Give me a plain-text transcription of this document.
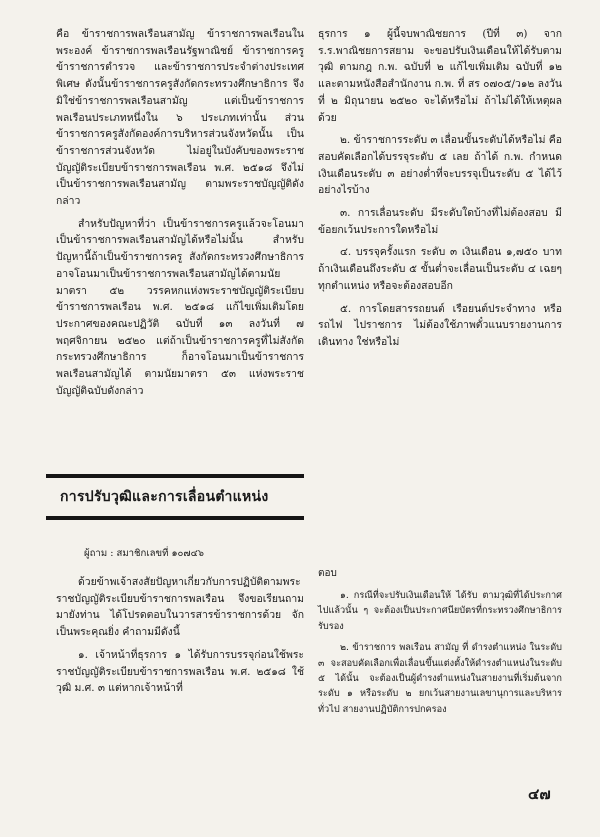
คือ ข้าราชการพลเรือนสามัญ ข้าราชการพลเรือนในพระองค์ ข้าราชการพลเรือนรัฐพาณิชย์ ข้าราชการครู ข้าราชการตำรวจ และข้าราชการประจำต่างประเทศพิเศษ ดังนั้นข้าราชการครูสังกัดกระทรวงศึกษาธิการ จึงมิใช่ข้าราชการพลเรือนสามัญ แต่เป็นข้าราชการพลเรือนประเภทหนึ่งใน ๖ ประเภทเท่านั้น ส่วนข้าราชการครูสังกัดองค์การบริหารส่วนจังหวัดนั้น เป็นข้าราชการส่วนจังหวัด ไม่อยู่ในบังคับของพระราชบัญญัติระเบียบข้าราชการพลเรือน พ.ศ. ๒๕๑๘ จึงไม่เป็นข้าราชการพลเรือนสามัญ ตามพระราชบัญญัติดังกล่าว

สำหรับปัญหาที่ว่า เป็นข้าราชการครูแล้วจะโอนมาเป็นข้าราชการพลเรือนสามัญได้หรือไม่นั้น สำหรับปัญหานี้ถ้าเป็นข้าราชการครู สังกัดกระทรวงศึกษาธิการ อาจโอนมาเป็นข้าราชการพลเรือนสามัญได้ตามนัยมาตรา ๕๒ วรรคหกแห่งพระราชบัญญัติระเบียบข้าราชการพลเรือน พ.ศ. ๒๕๑๘ แก้ไขเพิ่มเติมโดยประกาศของคณะปฏิวัติ ฉบับที่ ๑๓ ลงวันที่ ๗ พฤศจิกายน ๒๕๒๐ แต่ถ้าเป็นข้าราชการครูที่ไม่สังกัดกระทรวงศึกษาธิการ ก็อาจโอนมาเป็นข้าราชการพลเรือนสามัญได้ ตามนัยมาตรา ๕๓ แห่งพระราชบัญญัติฉบับดังกล่าว

การปรับวุฒิและการเลื่อนตำแหน่ง
ผู้ถาม : สมาชิกเลขที่ ๑๐๗๔๖

ด้วยข้าพเจ้าสงสัยปัญหาเกี่ยวกับการปฏิบัติตามพระราชบัญญัติระเบียบข้าราชการพลเรือน จึงขอเรียนถามมายังท่าน ได้โปรดตอบในวารสารข้าราชการด้วย จักเป็นพระคุณยิ่ง คำถามมีดังนี้

๑. เจ้าหน้าที่ธุรการ ๑ ได้รับการบรรจุก่อนใช้พระราชบัญญัติระเบียบข้าราชการพลเรือน พ.ศ. ๒๕๑๘ ใช้วุฒิ ม.ศ. ๓ แต่หากเจ้าหน้าที่

ธุรการ ๑ ผู้นี้จบพาณิชยการ (ปีที่ ๓) จาก ร.ร.พาณิชยการสยาม จะขอปรับเงินเดือนให้ได้รับตามวุฒิ ตามกฎ ก.พ. ฉบับที่ ๒ แก้ไขเพิ่มเติม ฉบับที่ ๑๒ และตามหนังสือสำนักงาน ก.พ. ที่ สร ๐๗๐๕/ว๑๒ ลงวันที่ ๒ มิถุนายน ๒๕๒๐ จะได้หรือไม่ ถ้าไม่ได้ให้เหตุผลด้วย

๒. ข้าราชการระดับ ๓ เลื่อนขั้นระดับได้หรือไม่ คือสอบคัดเลือกได้บรรจุระดับ ๕ เลย ถ้าได้ ก.พ. กำหนดเงินเดือนระดับ ๓ อย่างต่ำที่จะบรรจุเป็นระดับ ๕ ได้ไว้อย่างไรบ้าง

๓. การเลื่อนระดับ มีระดับใดบ้างที่ไม่ต้องสอบ มีข้อยกเว้นประการใดหรือไม่

๔. บรรจุครั้งแรก ระดับ ๓ เงินเดือน ๑,๗๕๐ บาท ถ้าเงินเดือนถึงระดับ ๕ ขั้นต่ำจะเลื่อนเป็นระดับ ๔ เฉยๆทุกตำแหน่ง หรือจะต้องสอบอีก

๕. การโดยสารรถยนต์ เรือยนต์ประจำทาง หรือรถไฟ ไปราชการ ไม่ต้องใช้ภาพตั๋วแนบรายงานการเดินทาง ใช่หรือไม่

ตอบ

๑. กรณีที่จะปรับเงินเดือนให้ ได้รับ ตามวุฒิที่ได้ประกาศไปแล้วนั้น ๆ จะต้องเป็นประกาศนียบัตรที่กระทรวงศึกษาธิการรับรอง

๒. ข้าราชการ พลเรือน สามัญ ที่ ดำรงตำแหน่ง ในระดับ ๓ จะสอบคัดเลือกเพื่อเลื่อนขึ้นแต่งตั้งให้ดำรงตำแหน่งในระดับ ๕ ได้นั้น จะต้องเป็นผู้ดำรงตำแหน่งในสายงานที่เริ่มต้นจากระดับ ๑ หรือระดับ ๒ ยกเว้นสายงานเลขานุการและบริหารทั่วไป สายงานปฏิบัติการปกครอง

๔๗
